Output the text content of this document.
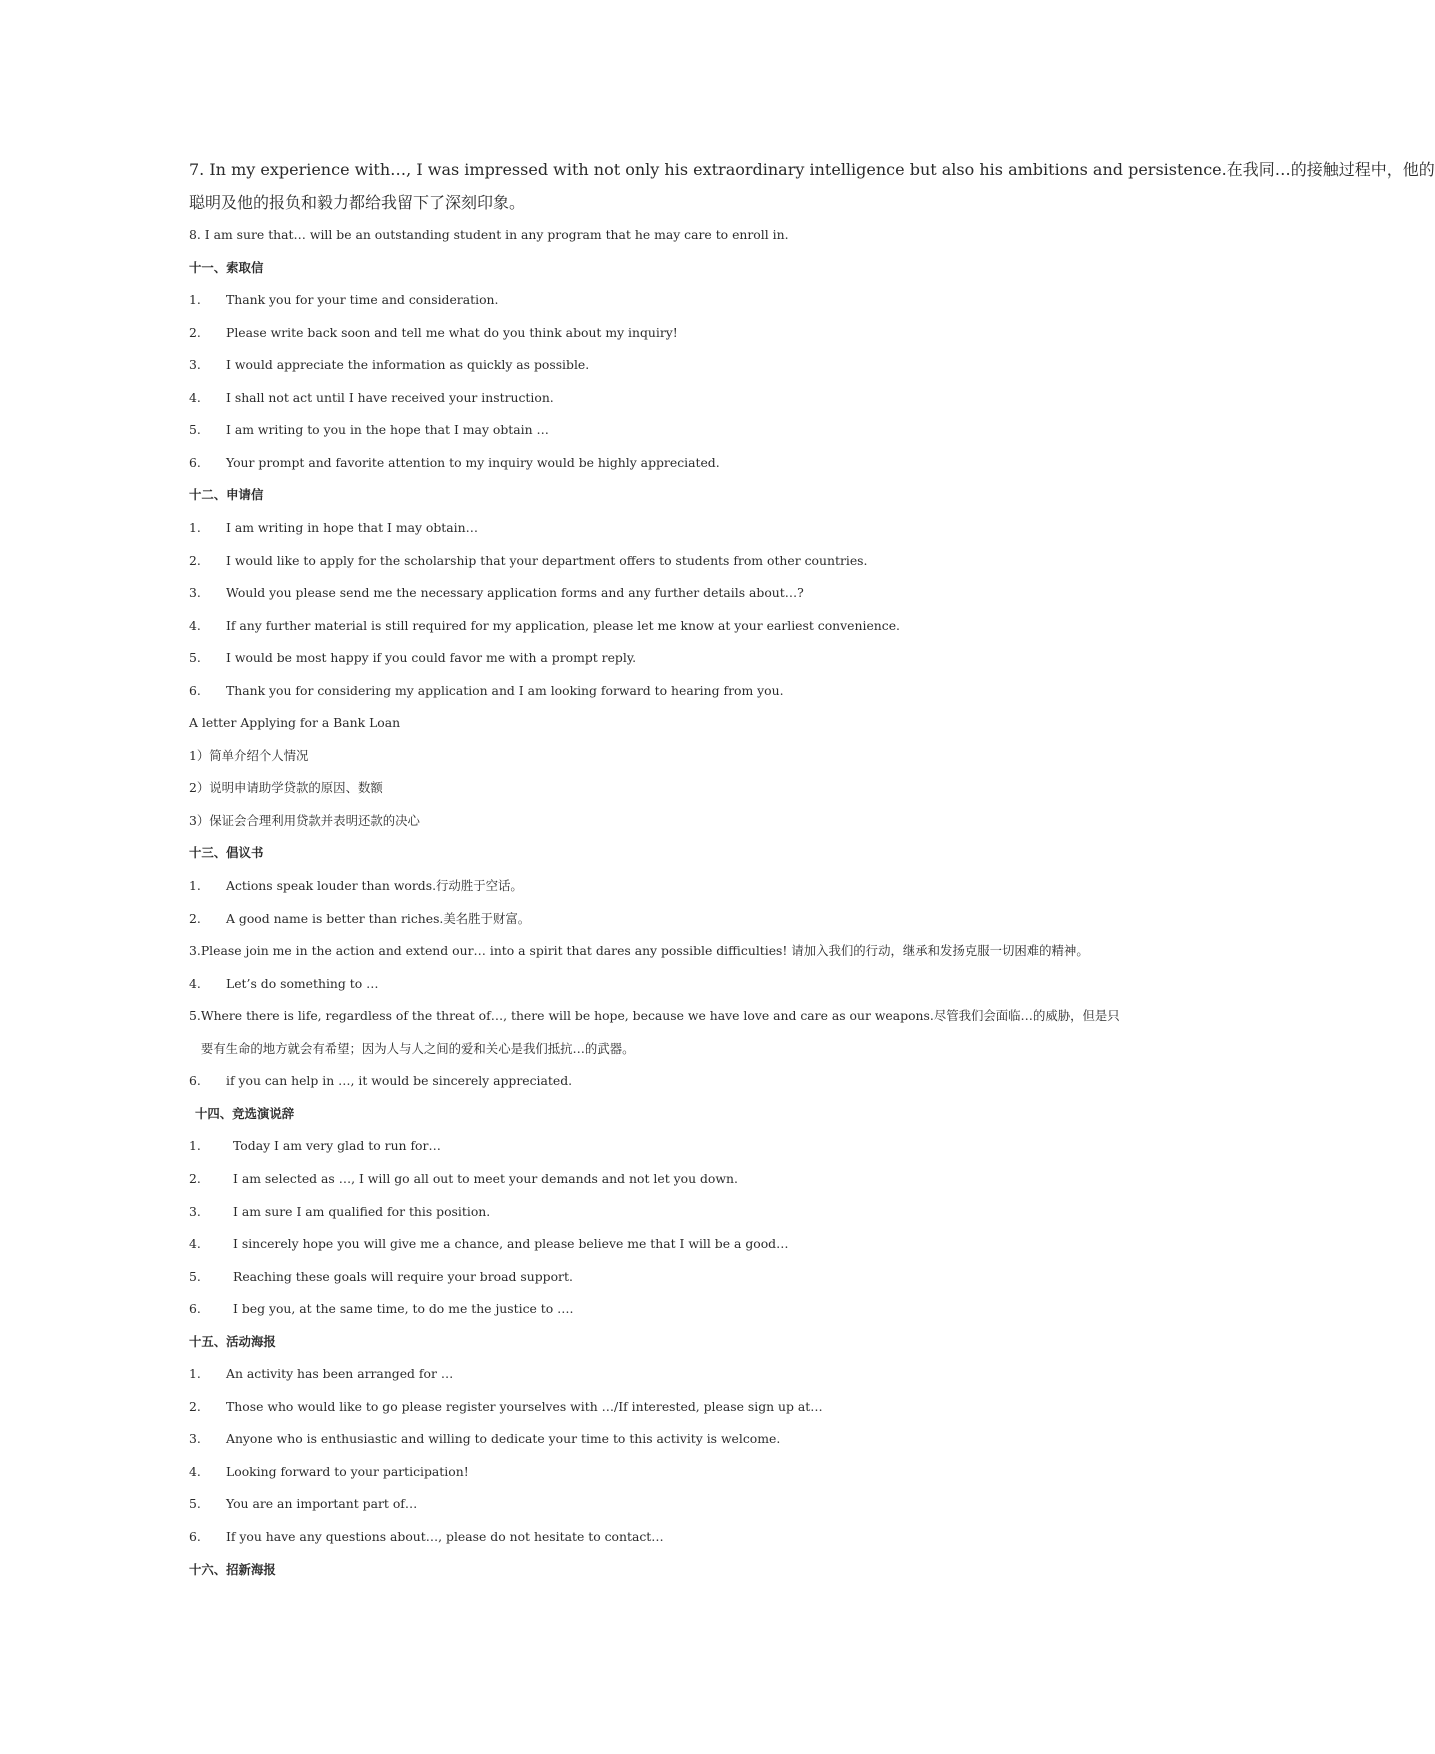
7. In my experience with…, I was impressed with not only his extraordinary intelligence but also his ambitions and persistence.在我同…的接触过程中，他的
聪明及他的报负和毅力都给我留下了深刻印象。
8. I am sure that… will be an outstanding student in any program that he may care to enroll in.
十一、索取信
1.	Thank you for your time and consideration.
2.	Please write back soon and tell me what do you think about my inquiry!
3.	I would appreciate the information as quickly as possible.
4.	I shall not act until I have received your instruction.
5.	I am writing to you in the hope that I may obtain …
6.	Your prompt and favorite attention to my inquiry would be highly appreciated.
十二、申请信
1.	I am writing in hope that I may obtain…
2.	I would like to apply for the scholarship that your department offers to students from other countries.
3.	Would you please send me the necessary application forms and any further details about…?
4.	If any further material is still required for my application, please let me know at your earliest convenience.
5.	I would be most happy if you could favor me with a prompt reply.
6.	Thank you for considering my application and I am looking forward to hearing from you.
A letter Applying for a Bank Loan
1）简单介绍个人情况
2）说明申请助学贷款的原因、数额
3）保证会合理利用贷款并表明还款的决心
十三、倡议书
1.	Actions speak louder than words.行动胜于空话。
2.	A good name is better than riches.美名胜于财富。
3. Please join me in the action and extend our… into a spirit that dares any possible difficulties! 请加入我们的行动，继承和发扬克服一切困难的精神。
4.	Let’s do something to …
5. Where there is life, regardless of the threat of…, there will be hope, because we have love and care as our weapons.尽管我们会面临…的威胁，但是只
要有生命的地方就会有希望；因为人与人之间的爱和关心是我们抵抗…的武器。
6.	if you can help in …, it would be sincerely appreciated.
十四、竞选演说辞
1.	Today I am very glad to run for…
2.	I am selected as …, I will go all out to meet your demands and not let you down.
3.	I am sure I am qualified for this position.
4.	I sincerely hope you will give me a chance, and please believe me that I will be a good…
5.	Reaching these goals will require your broad support.
6.	I beg you, at the same time, to do me the justice to ….
十五、活动海报
1.	An activity has been arranged for …
2.	Those who would like to go please register yourselves with …/If interested, please sign up at…
3.	Anyone who is enthusiastic and willing to dedicate your time to this activity is welcome.
4.	Looking forward to your participation!
5.	You are an important part of…
6.	If you have any questions about…, please do not hesitate to contact…
十六、招新海报
